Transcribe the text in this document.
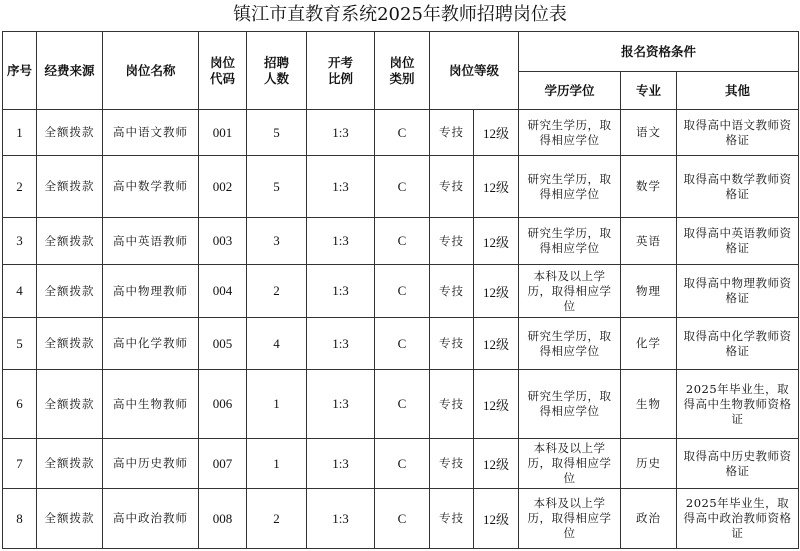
镇江市直教育系统2025年教师招聘岗位表
序号	经费来源	岗位名称	岗位代码	招聘人数	开考比例	岗位类别	岗位等级		报名资格条件		
									学历学位	专业	其他
1	全额拨款	高中语文教师	001	5	1:3	C	专技	12级	研究生学历，取得相应学位	语文	取得高中语文教师资格证
2	全额拨款	高中数学教师	002	5	1:3	C	专技	12级	研究生学历，取得相应学位	数学	取得高中数学教师资格证
3	全额拨款	高中英语教师	003	3	1:3	C	专技	12级	研究生学历，取得相应学位	英语	取得高中英语教师资格证
4	全额拨款	高中物理教师	004	2	1:3	C	专技	12级	本科及以上学历，取得相应学位	物理	取得高中物理教师资格证
5	全额拨款	高中化学教师	005	4	1:3	C	专技	12级	研究生学历，取得相应学位	化学	取得高中化学教师资格证
6	全额拨款	高中生物教师	006	1	1:3	C	专技	12级	研究生学历，取得相应学位	生物	2025年毕业生，取得高中生物教师资格证
7	全额拨款	高中历史教师	007	1	1:3	C	专技	12级	本科及以上学历，取得相应学位	历史	取得高中历史教师资格证
8	全额拨款	高中政治教师	008	2	1:3	C	专技	12级	本科及以上学历，取得相应学位	政治	2025年毕业生，取得高中政治教师资格证
